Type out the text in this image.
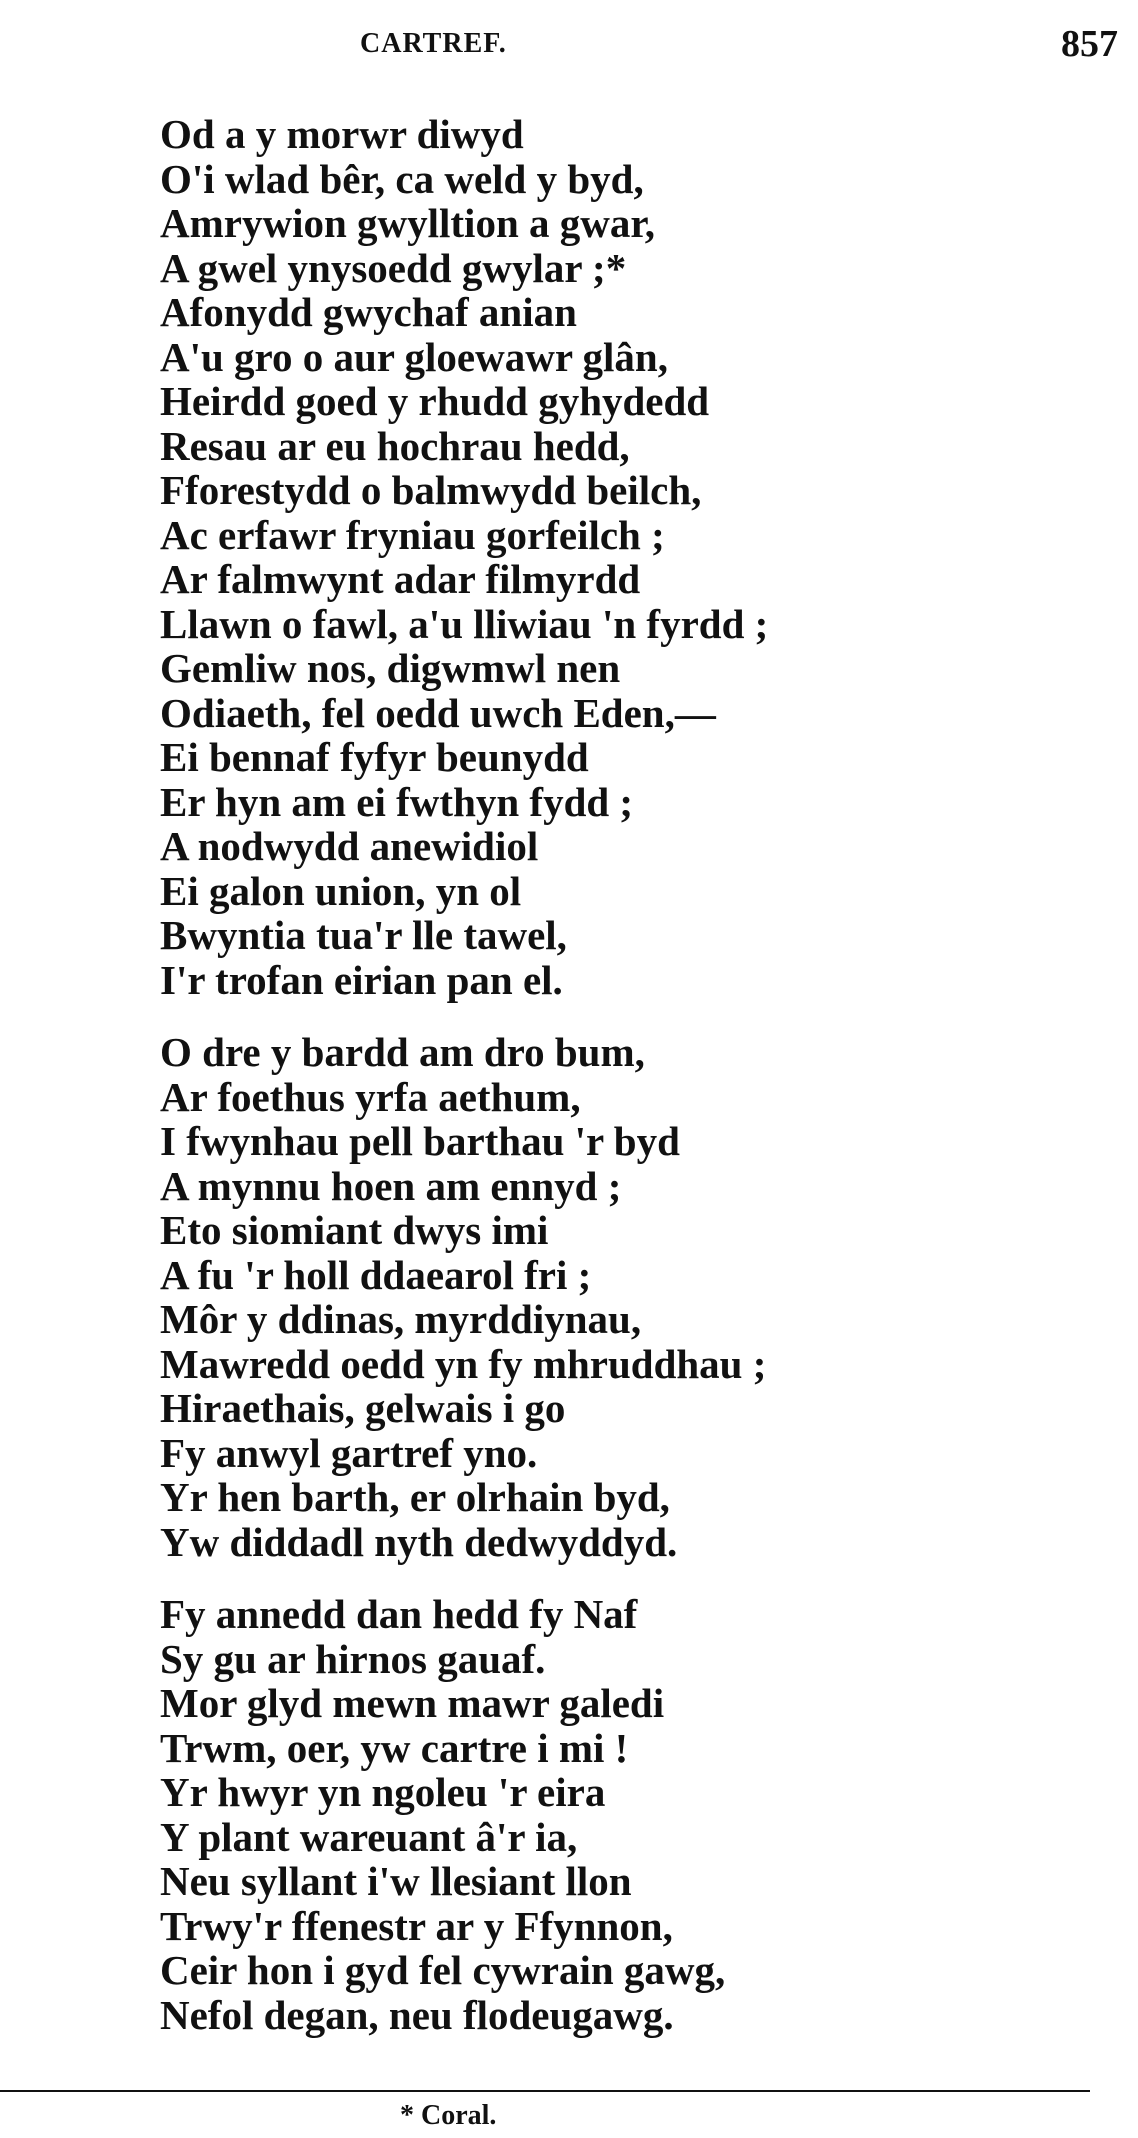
CARTREF.	857
Od a y morwr diwyd
O'i wlad bêr, ca weld y byd,
Amrywion gwylltion a gwar,
A gwel ynysoedd gwylar ;*
Afonydd gwychaf anian
A'u gro o aur gloewawr glân,
Heirdd goed y rhudd gyhydedd
Resau ar eu hochrau hedd,
Fforestydd o balmwydd beilch,
Ac erfawr fryniau gorfeilch ;
Ar falmwynt adar filmyrdd
Llawn o fawl, a'u lliwiau 'n fyrdd ;
Gemliw nos, digwmwl nen
Odiaeth, fel oedd uwch Eden,—
Ei bennaf fyfyr beunydd
Er hyn am ei fwthyn fydd ;
A nodwydd anewidiol
Ei galon union, yn ol
Bwyntia tua'r lle tawel,
I'r trofan eirian pan el.
O dre y bardd am dro bum,
Ar foethus yrfa aethum,
I fwynhau pell barthau 'r byd
A mynnu hoen am ennyd ;
Eto siomiant dwys imi
A fu 'r holl ddaearol fri ;
Môr y ddinas, myrddiynau,
Mawredd oedd yn fy mhruddhau ;
Hiraethais, gelwais i go
Fy anwyl gartref yno.
Yr hen barth, er olrhain byd,
Yw diddadl nyth dedwyddyd.
Fy annedd dan hedd fy Naf
Sy gu ar hirnos gauaf.
Mor glyd mewn mawr galedi
Trwm, oer, yw cartre i mi !
Yr hwyr yn ngoleu 'r eira
Y plant wareuant â'r ia,
Neu syllant i'w llesiant llon
Trwy'r ffenestr ar y Ffynnon,
Ceir hon i gyd fel cywrain gawg,
Nefol degan, neu flodeugawg.
* Coral.
